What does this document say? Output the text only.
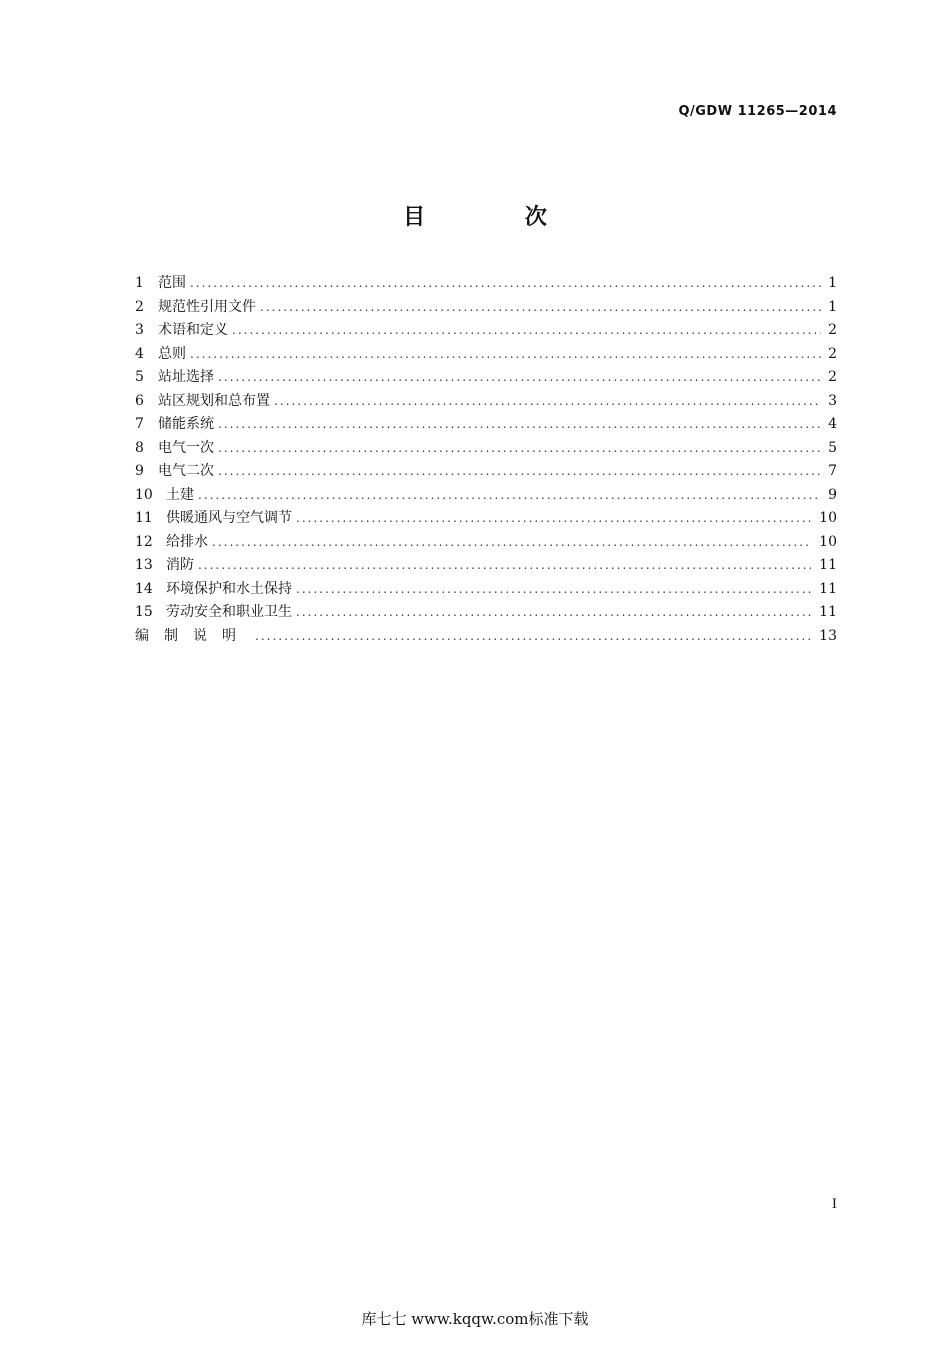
Q/GDW 11265—2014
目 次
1	范围 .....	1
2	规范性引用文件 .....	1
3	术语和定义 .....	2
4	总则 .....	2
5	站址选择 .....	2
6	站区规划和总布置 .....	3
7	储能系统 .....	4
8	电气一次 .....	5
9	电气二次 .....	7
10 土建 .....	9
11 供暖通风与空气调节 .....	10
12 给排水 .....	10
13 消防 .....	11
14 环境保护和水土保持 .....	11
15 劳动安全和职业卫生 .....	11
编制说明 .....	13
I
库七七 www.kqqw.com标准下载
